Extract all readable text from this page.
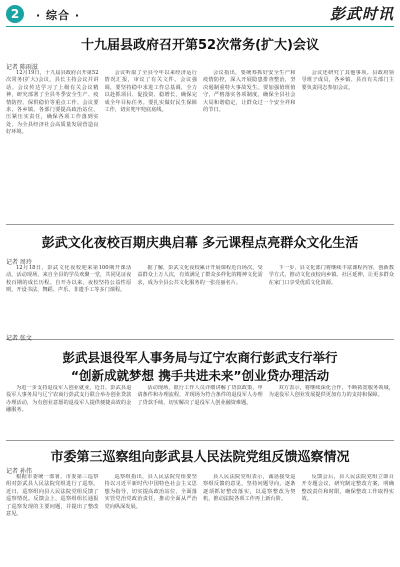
2	· 综合 ·	彭武时讯
十九届县政府召开第52次常务(扩大)会议
记者 陈雨滋

12月19日，十九届县政府召开第52次常务(扩大)会议，县长主持会议并讲话。会议传达学习了上级有关会议精神，研究部署了全县冬季安全生产、疫情防控、保供稳价等重点工作。会议要求，各乡镇、各部门要提高政治站位，压紧压实责任，确保各项工作落到实处，为全县经济社会高质量发展营造良好环境。

会议听取了全县今年以来经济运行情况汇报，审议了有关文件。会议强调，要坚持稳中求进工作总基调，全力以赴抓项目、促投资、稳增长，确保完成全年目标任务。要扎实做好民生保障工作，切实兜牢兜底底线。

会议指出，要统筹抓好安全生产和疫情防控，深入开展隐患排查整治，坚决遏制重特大事故发生。要加强值班值守，严格落实各项制度，确保全县社会大局和谐稳定，让群众过一个安全祥和的节日。

会议还研究了其他事项。县政府领导班子成员，各乡镇、县直有关部门主要负责同志参加会议。

彭武文化夜校百期庆典启幕 多元课程点亮群众文化生活
记者 周玲

12月18日，彭武文化夜校迎来第100期开课活动。活动现场，来自全县的学员欢聚一堂，共同见证夜校百期的成长历程。自开办以来，夜校坚持公益性原则，开设书法、舞蹈、声乐、非遗手工等多门课程。

据了解，彭武文化夜校累计开展课程近百场次，受益群众上万人次，有效满足了群众多样化的精神文化需求，成为全县公共文化服务的一张亮丽名片。

下一步，县文化部门将继续丰富课程内容，创新教学方式，推动文化夜校向乡镇、社区延伸，让更多群众在家门口享受优质文化资源。

记者 张文
彭武县退役军人事务局与辽宁农商行彭武支行举行
“创新成就梦想 携手共进未来”创业贷办理活动

为进一步支持退役军人创业就业，近日，彭武县退役军人事务局与辽宁农商行彭武支行联合举办创业贷款办理活动，为有创业意愿的退役军人提供便捷高效的金融服务。

活动现场，银行工作人员详细讲解了贷款政策、申请条件和办理流程，并现场为符合条件的退役军人办理了贷款手续，切实解决了退役军人创业融资难题。

双方表示，将继续深化合作，不断拓宽服务领域，为退役军人创业发展提供更加有力的支持和保障。

市委第三巡察组向彭武县人民法院党组反馈巡察情况
记者 孙伟

根据市委统一部署，市委第三巡察组对彭武县人民法院党组进行了巡察。近日，巡察组向县人民法院党组反馈了巡察情况。反馈会上，巡察组组长通报了巡察发现的主要问题，并提出了整改意见。

巡察组指出，县人民法院党组要坚持以习近平新时代中国特色社会主义思想为指导，切实提高政治站位，全面落实管党治党政治责任，推动全面从严治党向纵深发展。

县人民法院党组表示，诚恳接受巡察组反馈的意见，坚持问题导向，逐条逐项抓好整改落实，以巡察整改为契机，推动法院各项工作再上新台阶。

反馈会后，县人民法院党组立即召开专题会议，研究制定整改方案，明确整改责任和时限，确保整改工作取得实效。
